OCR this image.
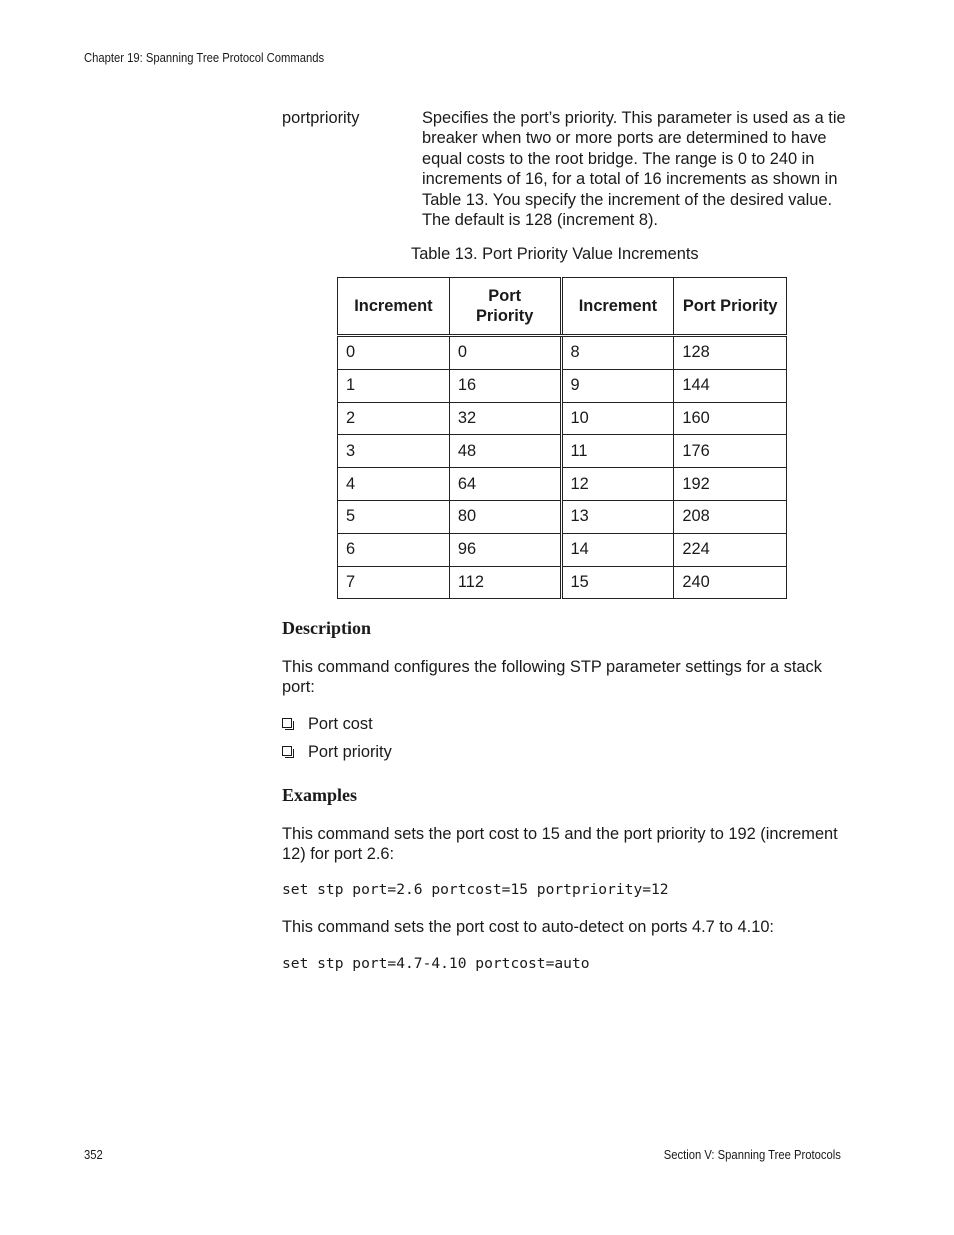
Chapter 19: Spanning Tree Protocol Commands
portpriority	Specifies the port’s priority. This parameter is used as a tie breaker when two or more ports are determined to have equal costs to the root bridge. The range is 0 to 240 in increments of 16, for a total of 16 increments as shown in Table 13. You specify the increment of the desired value. The default is 128 (increment 8).
Table 13. Port Priority Value Increments
Increment	Port Priority	Increment	Port Priority
0	0	8	128
1	16	9	144
2	32	10	160
3	48	11	176
4	64	12	192
5	80	13	208
6	96	14	224
7	112	15	240
Description
This command configures the following STP parameter settings for a stack port:
Port cost
Port priority
Examples
This command sets the port cost to 15 and the port priority to 192 (increment 12) for port 2.6:
set stp port=2.6 portcost=15 portpriority=12
This command sets the port cost to auto-detect on ports 4.7 to 4.10:
set stp port=4.7-4.10 portcost=auto
352	Section V: Spanning Tree Protocols
